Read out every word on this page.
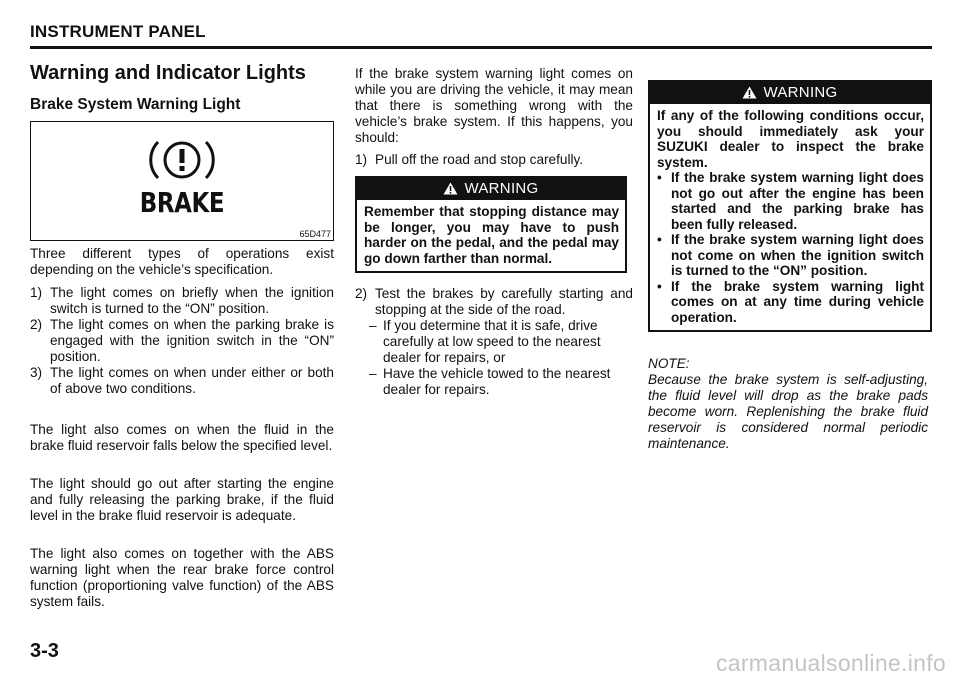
INSTRUMENT PANEL
Warning and Indicator Lights
Brake System Warning Light
BRAKE
65D477

Three different types of operations exist depending on the vehicle’s specification.

1) The light comes on briefly when the ignition switch is turned to the “ON” position.
2) The light comes on when the parking brake is engaged with the ignition switch in the “ON” position.
3) The light comes on when under either or both of above two conditions.

The light also comes on when the fluid in the brake fluid reservoir falls below the specified level.

The light should go out after starting the engine and fully releasing the parking brake, if the fluid level in the brake fluid reservoir is adequate.

The light also comes on together with the ABS warning light when the rear brake force control function (proportioning valve function) of the ABS system fails.

If the brake system warning light comes on while you are driving the vehicle, it may mean that there is something wrong with the vehicle’s brake system. If this happens, you should:

1) Pull off the road and stop carefully.
WARNING
Remember that stopping distance may be longer, you may have to push harder on the pedal, and the pedal may go down farther than normal.
2) Test the brakes by carefully starting and stopping at the side of the road.
– If you determine that it is safe, drive carefully at low speed to the nearest dealer for repairs, or
– Have the vehicle towed to the nearest dealer for repairs.
WARNING
If any of the following conditions occur, you should immediately ask your SUZUKI dealer to inspect the brake system.
• If the brake system warning light does not go out after the engine has been started and the parking brake has been fully released.
• If the brake system warning light does not come on when the ignition switch is turned to the “ON” position.
• If the brake system warning light comes on at any time during vehicle operation.
NOTE:

Because the brake system is self-adjusting, the fluid level will drop as the brake pads become worn. Replenishing the brake fluid reservoir is considered normal periodic maintenance.

3-3	carmanualsonline.info
